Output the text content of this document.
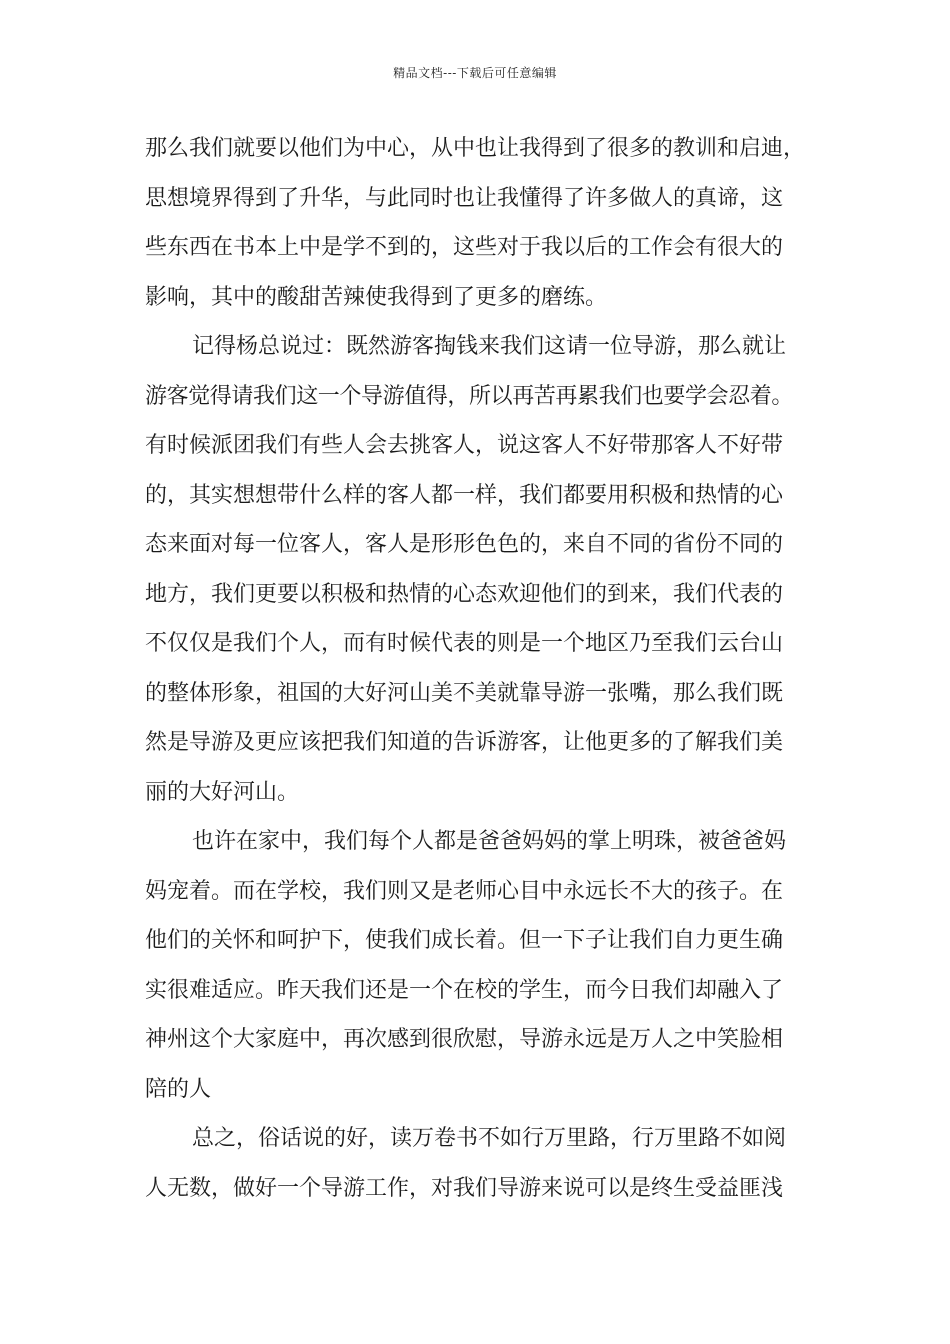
精品文档---下载后可任意编辑
那么我们就要以他们为中心，从中也让我得到了很多的教训和启迪，
思想境界得到了升华，与此同时也让我懂得了许多做人的真谛，这
些东西在书本上中是学不到的，这些对于我以后的工作会有很大的
影响，其中的酸甜苦辣使我得到了更多的磨练。
记得杨总说过：既然游客掏钱来我们这请一位导游，那么就让
游客觉得请我们这一个导游值得，所以再苦再累我们也要学会忍着。
有时候派团我们有些人会去挑客人，说这客人不好带那客人不好带
的，其实想想带什么样的客人都一样，我们都要用积极和热情的心
态来面对每一位客人，客人是形形色色的，来自不同的省份不同的
地方，我们更要以积极和热情的心态欢迎他们的到来，我们代表的
不仅仅是我们个人，而有时候代表的则是一个地区乃至我们云台山
的整体形象，祖国的大好河山美不美就靠导游一张嘴，那么我们既
然是导游及更应该把我们知道的告诉游客，让他更多的了解我们美
丽的大好河山。
也许在家中，我们每个人都是爸爸妈妈的掌上明珠，被爸爸妈
妈宠着。而在学校，我们则又是老师心目中永远长不大的孩子。在
他们的关怀和呵护下，使我们成长着。但一下子让我们自力更生确
实很难适应。昨天我们还是一个在校的学生，而今日我们却融入了
神州这个大家庭中，再次感到很欣慰，导游永远是万人之中笑脸相
陪的人
总之，俗话说的好，读万卷书不如行万里路，行万里路不如阅
人无数，做好一个导游工作，对我们导游来说可以是终生受益匪浅
